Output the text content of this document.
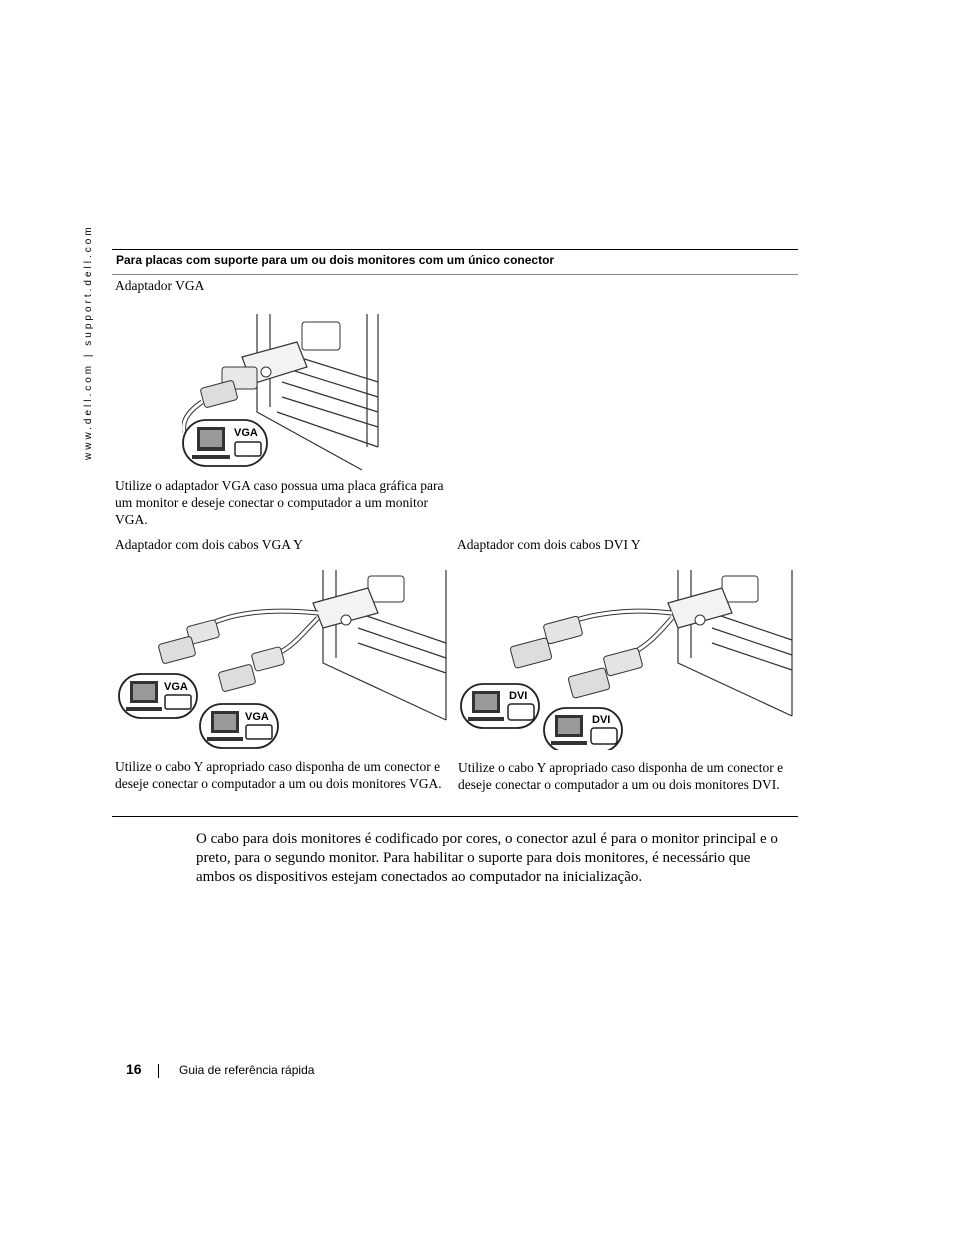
www.dell.com | support.dell.com	Para placas com suporte para um ou dois monitores com um único conector
Adaptador VGA
VGA
Utilize o adaptador VGA caso possua uma placa gráfica para um monitor e deseje conectar o computador a um monitor VGA.
Adaptador com dois cabos VGA Y
VGA
VGA
Utilize o cabo Y apropriado caso disponha de um conector e deseje conectar o computador a um ou dois monitores VGA.
Adaptador com dois cabos DVI Y
DVI
DVI
Utilize o cabo Y apropriado caso disponha de um conector e deseje conectar o computador a um ou dois monitores DVI.
O cabo para dois monitores é codificado por cores, o conector azul é para o monitor principal e o preto, para o segundo monitor. Para habilitar o suporte para dois monitores, é necessário que ambos os dispositivos estejam conectados ao computador na inicialização.
16	Guia de referência rápida
